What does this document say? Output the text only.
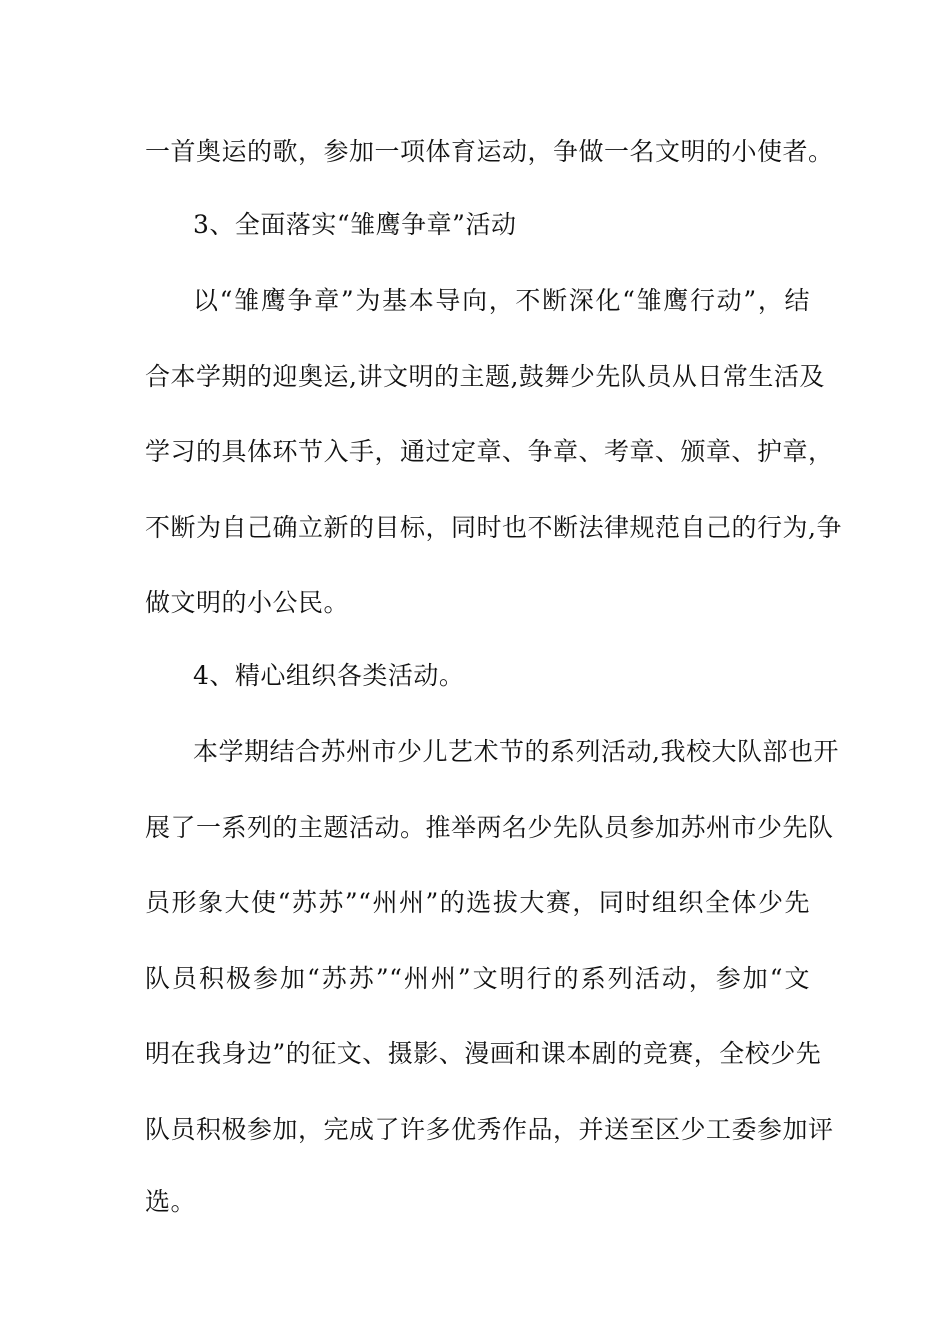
一首奥运的歌，参加一项体育运动，争做一名文明的小使者。
3、全面落实“雏鹰争章”活动
以“雏鹰争章”为基本导向，不断深化“雏鹰行动”，结
合本学期的迎奥运,讲文明的主题,鼓舞少先队员从日常生活及
学习的具体环节入手，通过定章、争章、考章、颁章、护章，
不断为自己确立新的目标，同时也不断法律规范自己的行为,争
做文明的小公民。
4、精心组织各类活动。
本学期结合苏州市少儿艺术节的系列活动,我校大队部也开
展了一系列的主题活动。推举两名少先队员参加苏州市少先队
员形象大使“苏苏”“州州”的选拔大赛，同时组织全体少先
队员积极参加“苏苏”“州州”文明行的系列活动，参加“文
明在我身边”的征文、摄影、漫画和课本剧的竞赛，全校少先
队员积极参加，完成了许多优秀作品，并送至区少工委参加评
选。
